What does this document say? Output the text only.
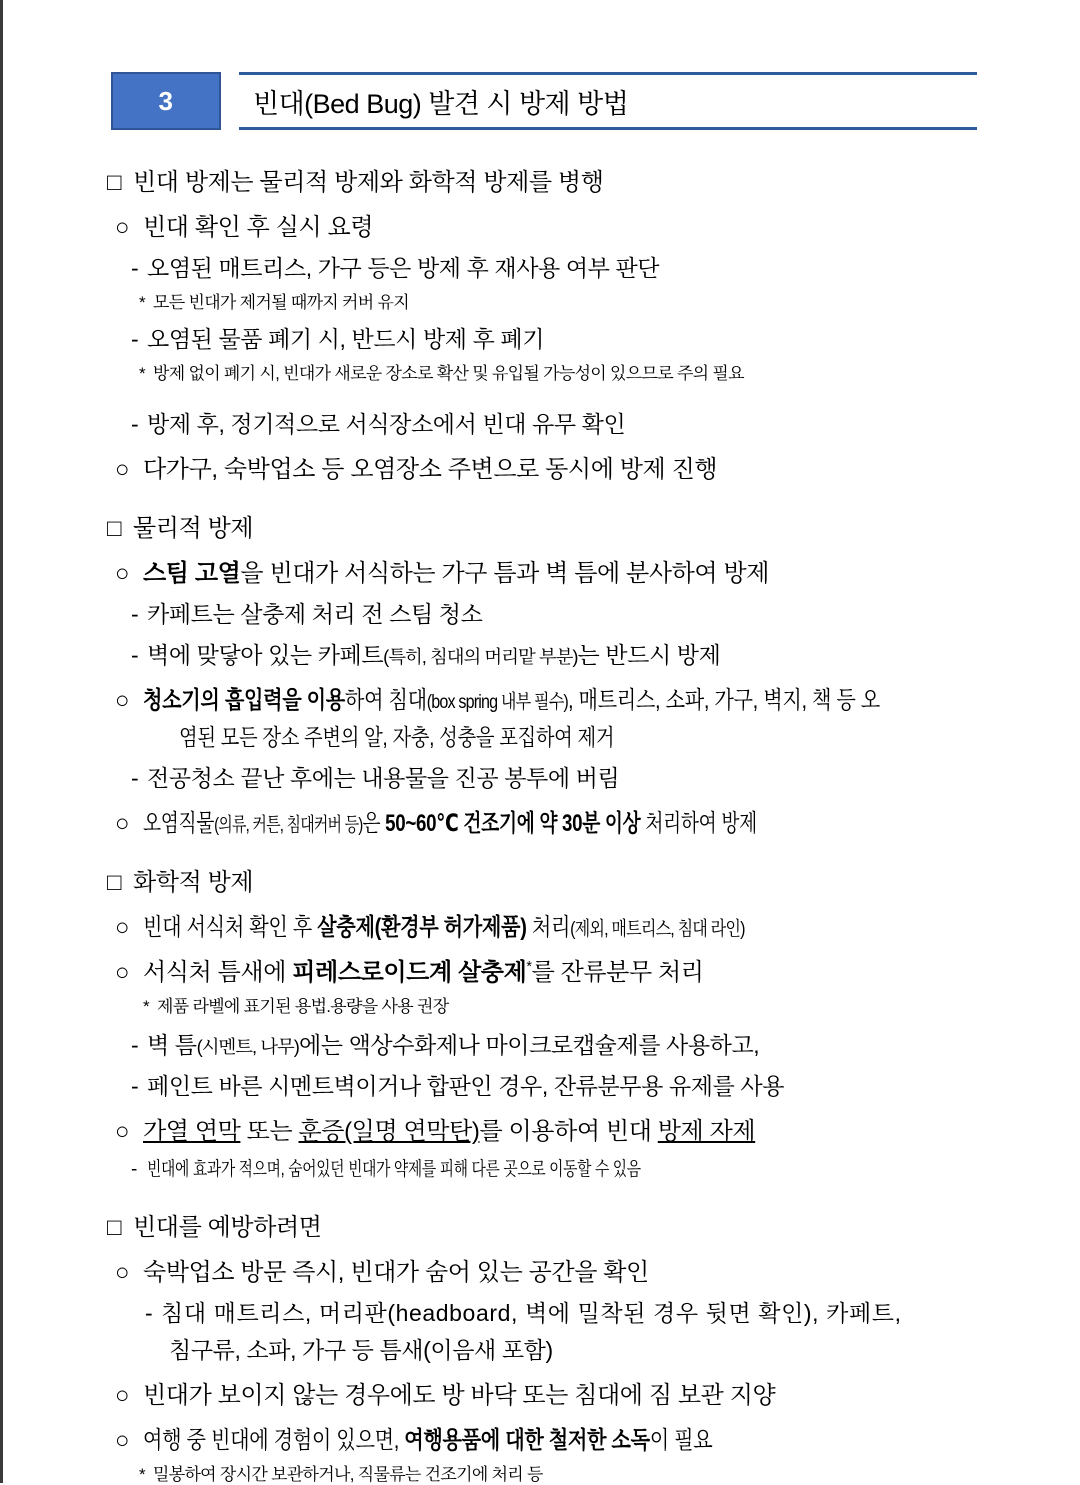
3	빈대(Bed Bug) 발견 시 방제 방법
□ 빈대 방제는 물리적 방제와 화학적 방제를 병행
○ 빈대 확인 후 실시 요령
- 오염된 매트리스, 가구 등은 방제 후 재사용 여부 판단
* 모든 빈대가 제거될 때까지 커버 유지
- 오염된 물품 폐기 시, 반드시 방제 후 폐기
* 방제 없이 폐기 시, 빈대가 새로운 장소로 확산 및 유입될 가능성이 있으므로 주의 필요
- 방제 후, 정기적으로 서식장소에서 빈대 유무 확인
○ 다가구, 숙박업소 등 오염장소 주변으로 동시에 방제 진행
□ 물리적 방제
○ 스팀 고열을 빈대가 서식하는 가구 틈과 벽 틈에 분사하여 방제
- 카페트는 살충제 처리 전 스팀 청소
- 벽에 맞닿아 있는 카페트(특히, 침대의 머리맡 부분)는 반드시 방제
○ 청소기의 흡입력을 이용하여 침대(box spring 내부 필수), 매트리스, 소파, 가구, 벽지, 책 등 오
염된 모든 장소 주변의 알, 자충, 성충을 포집하여 제거
- 전공청소 끝난 후에는 내용물을 진공 봉투에 버림
○ 오염직물(의류, 커튼, 침대커버 등)은 50~60℃ 건조기에 약 30분 이상 처리하여 방제
□ 화학적 방제
○ 빈대 서식처 확인 후 살충제(환경부 허가제품) 처리(제외, 매트리스, 침대 라인)
○ 서식처 틈새에 피레스로이드계 살충제*를 잔류분무 처리
* 제품 라벨에 표기된 용법.용량을 사용 권장
- 벽 틈(시멘트, 나무)에는 액상수화제나 마이크로캡슐제를 사용하고,
- 페인트 바른 시멘트벽이거나 합판인 경우, 잔류분무용 유제를 사용
○ 가열 연막 또는 훈증(일명 연막탄)를 이용하여 빈대 방제 자제
- 빈대에 효과가 적으며, 숨어있던 빈대가 약제를 피해 다른 곳으로 이동할 수 있음
□ 빈대를 예방하려면
○ 숙박업소 방문 즉시, 빈대가 숨어 있는 공간을 확인
- 침대 매트리스, 머리판(headboard, 벽에 밀착된 경우 뒷면 확인), 카페트,
침구류, 소파, 가구 등 틈새(이음새 포함)
○ 빈대가 보이지 않는 경우에도 방 바닥 또는 침대에 짐 보관 지양
○ 여행 중 빈대에 경험이 있으면, 여행용품에 대한 철저한 소독이 필요
* 밀봉하여 장시간 보관하거나, 직물류는 건조기에 처리 등
